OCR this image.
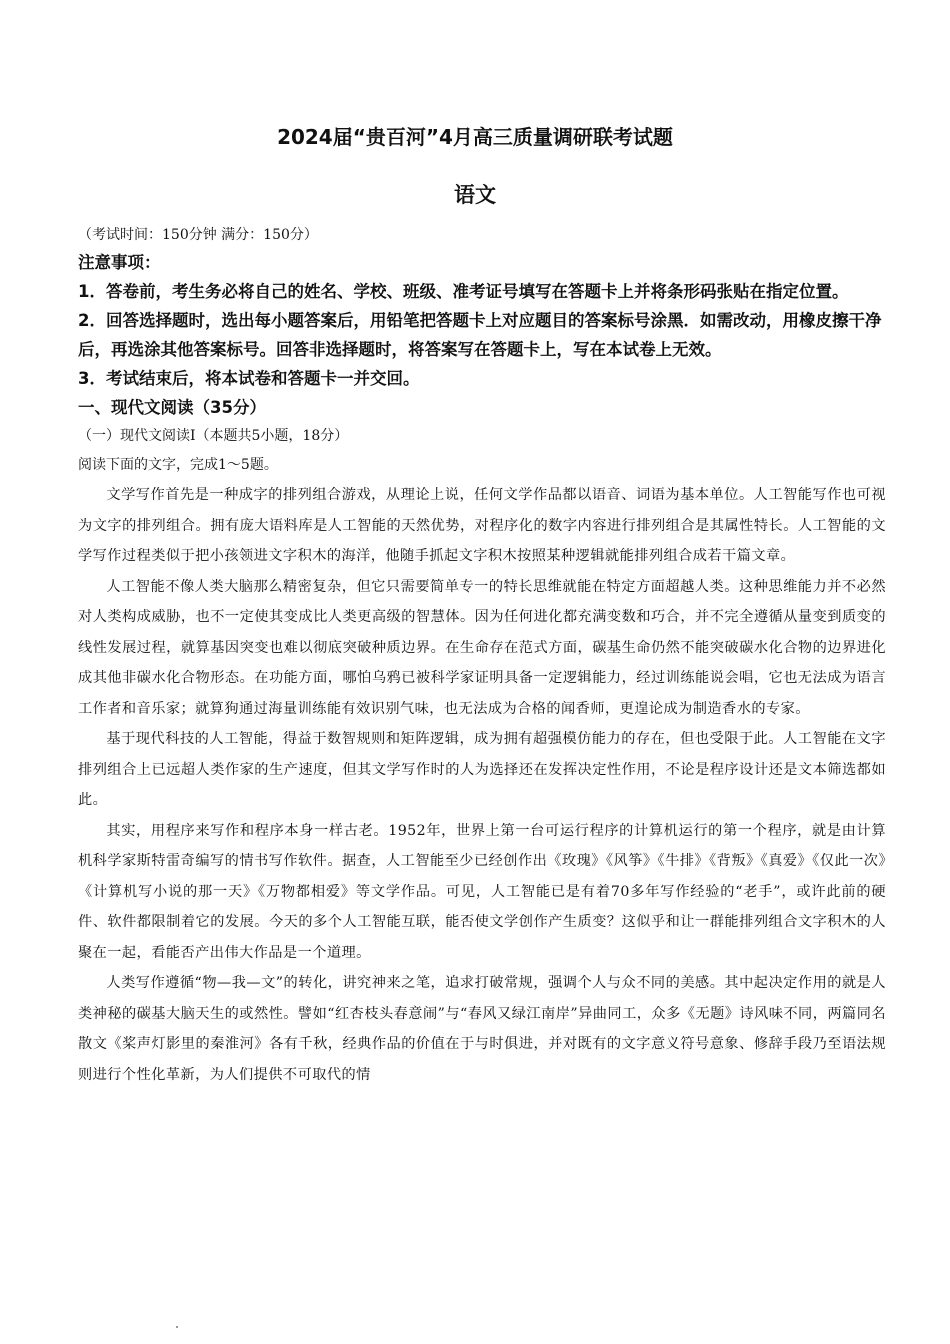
2024届“贵百河”4月高三质量调研联考试题
语文
（考试时间：150分钟 满分：150分）
注意事项：

1．答卷前，考生务必将自己的姓名、学校、班级、准考证号填写在答题卡上并将条形码张贴在指定位置。

2．回答选择题时，选出每小题答案后，用铅笔把答题卡上对应题目的答案标号涂黑．如需改动，用橡皮擦干净后，再选涂其他答案标号。回答非选择题时，将答案写在答题卡上，写在本试卷上无效。

3．考试结束后，将本试卷和答题卡一并交回。

一、现代文阅读（35分）
（一）现代文阅读Ⅰ（本题共5小题，18分）
阅读下面的文字，完成1～5题。

文学写作首先是一种成字的排列组合游戏，从理论上说，任何文学作品都以语音、词语为基本单位。人工智能写作也可视为文字的排列组合。拥有庞大语料库是人工智能的天然优势，对程序化的数字内容进行排列组合是其属性特长。人工智能的文学写作过程类似于把小孩领进文字积木的海洋，他随手抓起文字积木按照某种逻辑就能排列组合成若干篇文章。

人工智能不像人类大脑那么精密复杂，但它只需要简单专一的特长思维就能在特定方面超越人类。这种思维能力并不必然对人类构成威胁，也不一定使其变成比人类更高级的智慧体。因为任何进化都充满变数和巧合，并不完全遵循从量变到质变的线性发展过程，就算基因突变也难以彻底突破种质边界。在生命存在范式方面，碳基生命仍然不能突破碳水化合物的边界进化成其他非碳水化合物形态。在功能方面，哪怕乌鸦已被科学家证明具备一定逻辑能力，经过训练能说会唱，它也无法成为语言工作者和音乐家；就算狗通过海量训练能有效识别气味，也无法成为合格的闻香师，更遑论成为制造香水的专家。

基于现代科技的人工智能，得益于数智规则和矩阵逻辑，成为拥有超强模仿能力的存在，但也受限于此。人工智能在文字排列组合上已远超人类作家的生产速度，但其文学写作时的人为选择还在发挥决定性作用，不论是程序设计还是文本筛选都如此。

其实，用程序来写作和程序本身一样古老。1952年，世界上第一台可运行程序的计算机运行的第一个程序，就是由计算机科学家斯特雷奇编写的情书写作软件。据查，人工智能至少已经创作出《玫瑰》《风筝》《牛排》《背叛》《真爱》《仅此一次》《计算机写小说的那一天》《万物都相爱》等文学作品。可见，人工智能已是有着70多年写作经验的“老手”，或许此前的硬件、软件都限制着它的发展。今天的多个人工智能互联，能否使文学创作产生质变？这似乎和让一群能排列组合文字积木的人聚在一起，看能否产出伟大作品是一个道理。

人类写作遵循“物—我—文”的转化，讲究神来之笔，追求打破常规，强调个人与众不同的美感。其中起决定作用的就是人类神秘的碳基大脑天生的或然性。譬如“红杏枝头春意闹”与“春风又绿江南岸”异曲同工，众多《无题》诗风味不同，两篇同名散文《桨声灯影里的秦淮河》各有千秋，经典作品的价值在于与时俱进，并对既有的文字意义符号意象、修辞手段乃至语法规则进行个性化革新，为人们提供不可取代的情
